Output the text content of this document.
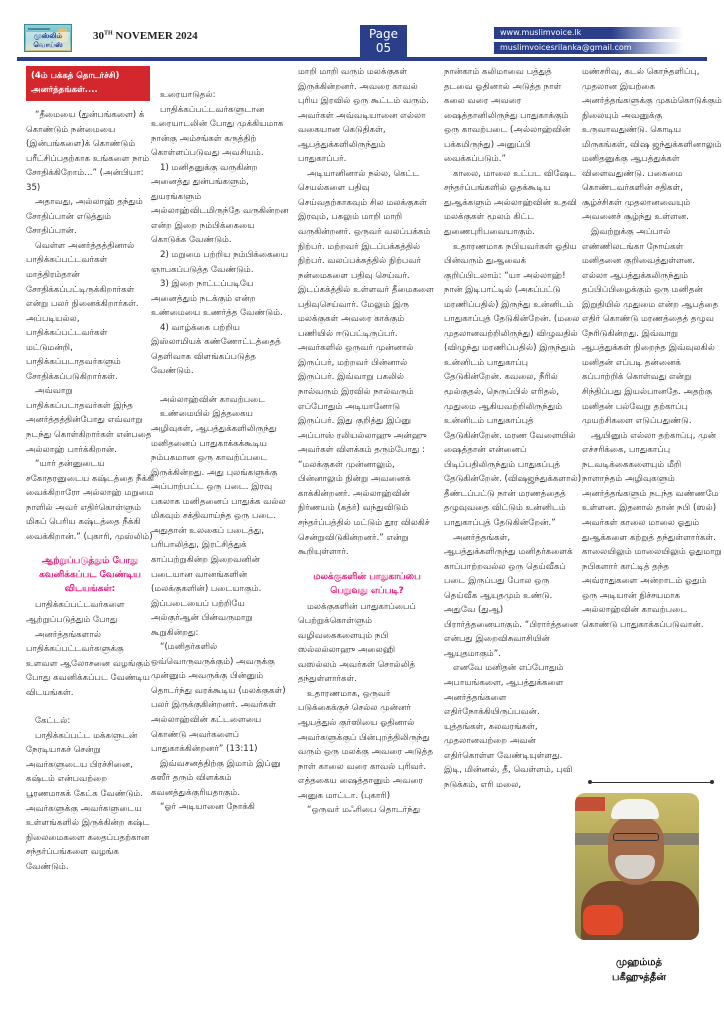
முஸ்லிம் வொய்ஸ்
30TH NOVEMER 2024	Page
05
www.muslimvoice.lk
muslimvoicesrilanka@gmail.com
(4ம் பக்கத் தொடர்ச்சி) அனர்த்தங்கள்....

“தீமையை (துன்பங்களை) க் கொண்டும் நன்மையை (இன்பங்களை)க் கொண்டும் பரீட்சிப்பதற்காக உங்களை நாம் சோதிக்கிறோம்...” (அன்பியா: 35)

அதாவது, அல்லாஹ் தந்தும் சோதிப்பான் எடுத்தும் சோதிப்பான்.

வெள்ள அனர்த்தத்தினால் பாதிக்கப்பட்டவர்கள் மாத்திரம்தான் சோதிக்கப்பட்டிருக்கிறார்கள் என்று பலர் நினைக்கிறார்கள். அப்படியல்ல, பாதிக்கப்பட்டவர்கள் மட்டுமன்றி, பாதிக்கப்படாதவர்களும் சோதிக்கப்படுகிறார்கள்.

அவ்வாறு பாதிக்கப்படாதவர்கள் இந்த அனர்த்தத்தின்போது எவ்வாறு நடந்து கொள்கிறார்கள் என்பதை அல்லாஹ் பார்க்கிறான்.

“யார் தன்னுடைய சகோதரனுடைய கஷ்டத்தை நீக்கி வைக்கிறாரோ அல்லாஹ் மறுமை நாளில் அவர் எதிர்கொள்ளும் மிகப் பெரிய கஷ்டத்தை நீக்கி வைக்கிறான்.” (புகாரி, முஸ்லிம்)

ஆற்றுப்படுத்தும் போது கவனிக்கப்பட வேண்டிய விடயங்கள்:

பாதிக்கப்பட்டவர்களை ஆற்றுப்படுத்தும் போது

அனர்த்தங்களால் பாதிக்கப்பட்டவர்களுக்கு உளவள ஆலோசனை வழங்கும் போது கவனிக்கப்பட வேண்டிய விடயங்கள்.

கேட்டல்:

பாதிக்கப்பட்ட மக்களுடன் நேரடியாகச் சென்று அவர்களுடைய பிரச்சினை, கஷ்டம் என்பவற்றை பூரணமாகக் கேட்க வேண்டும். அவர்களுக்கு அவர்களுடைய உள்ளங்களில் இருக்கின்ற கஷ்ட நிலைமைகளை கதைப்பதற்கான சந்தர்ப்பங்களை வழங்க வேண்டும்.

உரையாடுதல்:

பாதிக்கப்பட்டவர்களுடான உரையாடலின் போது முக்கியமாக நான்கு அம்சங்கள் கருத்திற் கொள்ளப்படுவது அவசியம்.

1) மனிதனுக்கு வருகின்ற அனைத்து துன்பங்களும், துயரங்களும் அல்லாஹ்விடமிருந்தே வருகின்றன என்ற இறை நம்பிக்கையை கொடுக்க வேண்டும்.

2) மறுமை பற்றிய நம்பிக்கையை ஞாபகப்படுத்த வேண்டும்.

3) இறை நாட்டப்படியே அனைத்தும் நடக்கும் என்ற உண்மையை உணர்த்த வேண்டும்.

4) வாழ்க்கை பற்றிய இஸ்லாமியக் கண்ணோட்டத்தைத் தெளிவாக விளங்கப்படுத்த வேண்டும்.

அல்லாஹ்வின் காவற்படை

உண்மையில் இத்தகைய அழிவுகள், ஆபத்துக்களிலிருந்து மனிதனைப் பாதுகாக்கக்கூடிய நம்பகமான ஒரு காவற்ப்படை இருக்கின்றது. அது புலங்களுக்கு அப்பாற்பட்ட ஒரு படை. இரவு பகலாக மனிதனைப் பாதுக்க வல்ல மிகவும் சக்திவாய்ந்த ஒரு படை. அதுதான் உலகைப் படைத்து, பரிபாலித்து, இரட்சித்துக் காப்பற்றுகின்ற இறைவனின் படையான வானங்களின் (மலக்குகளின்) படையாகும். இப்படையைப் பற்றியே அல்குர்ஆன் பின்வருமாறு கூறுகின்றது:

“(மனிதர்களில் ஒவ்வொருவருக்கும்) அவருக்கு முன்னும் அவருக்கு பின்னும் தொடர்ந்து வரக்கூடிய (மலக்குகள்) பலர் இருக்குகின்றனர். அவர்கள் அல்லாஹ்வின் கட்டளையை கொண்டு அவர்களைப் பாதுகாக்கின்றனர்” (13:11)

இவ்வசனத்திற்கு இமாம் இப்னு கஸீர் தரும் விளக்கம் கவனத்துக்குரியதாகும்.

“ஓர் அடியானை நோக்கி

மாறி மாறி வரும் மலக்குகள் இருக்கின்றனர். அவரை காவல் புரிய இரவில் ஒரு கூட்டம் வரும். அவர்கள் அவ்வடியானை எல்லா வகையான கெடுதிகள், ஆபத்துக்களிலிருந்தும் பாதுகாப்பர்.

அடியானினால் நல்ல, கெட்ட செயல்களை பதிவு செய்வதற்காகவும் சில மலக்குகள் இரவும், பகலும் மாறி மாறி வருகின்றனர். ஒருவர் வலப்பக்கம் நிற்பர். மற்றவர் இடப்பக்கத்தில் நிற்பர். வலப்பக்கத்தில் நிற்பவர் நன்மைகளை பதிவு செய்வர். இடப்கக்த்தில் உள்ளவர் தீமைகளை பதிவுசெய்வார். மேலும் இரு மலக்குகள் அவரை காக்கும் பணியில் ஈடுபட்டிருப்பர். அவர்களில் ஒருவர் முன்னால் இருப்பர், மற்றவர் பின்னால் இருப்பர். இவ்வாறு பகலில் நால்வரும் இரவில் நால்வரும் எப்போதும் அடியானோடு இருப்பர். இது குறித்து இப்னு அப்பாஸ் ரலியல்லாஹு அன்ஹு அவர்கள் விளக்கம் தரும்போது : “மலக்குகள் முன்னாலும், பின்னாலும் நின்று அவனைக் காக்கின்றனர். அல்லாஹ்வின் நிர்ணயம் (கத்ர்) வந்துவிடும் சந்தர்ப்பத்தில் மட்டும் தூர விலகிச் சென்றுவிடுகின்றனர்.” என்று கூறியுள்ளார்.

மலக்குகளின் பாதுகாப்பை பெறுவது எப்படி?

மலக்குகளின் பாதுகாப்பைப் பெற்றுக்கொள்ளும் வழிவகைகளையும் நபி ஸல்லல்லாஹு அலைஹி வஸல்லம் அவர்கள் சொல்லித் தந்துள்ளார்கள்.

உதாரணமாக, ஒருவர் படுக்கைக்குச் செல்ல முன்னர் ஆயத்துல் குர்ஸியை ஓதினால் அவர்களுக்குப் பின்புறத்திலிருந்து வரும் ஒரு மலக்கு அவரை அடுத்த நாள் காலை வரை காவல் புரிவர். எத்தகைய ஷைத்தானும் அவரை அனுக மாட்டா. (புகாரி)

“ஒருவர் மஃரிபை தொடர்ந்து

நான்காம் கலிமாவை பத்துத் தடவை ஓதினால் அடுத்த நாள் கலை வரை அவரை ஷைத்தானிலிருந்து பாதுகாக்கும் ஒரு காவற்படை (அல்லாஹ்வின் பக்கமிருந்து) அனுப்பி வைக்கப்படும்.”

காலை, மாலை உட்பட விஷேட சந்தர்ப்பங்களில் ஓதக்கூடிய துஆக்களும் அல்லாஹ்வின் உதவி மலக்குகள் மூலம் கிட்ட துணைபுரிபவையாகும்.

உதாரணமாக நபியவர்கள் ஓதிய பின்வரும் துஆவைக் குறிப்பிடலாம்: “யா அல்லாஹ்! நான் இடிபாட்டில் (அகப்பட்டு மரணிப்பதில்) இருந்து உன்னிடம் பாதுகாப்புத் தேடுகின்றேன். (மலை முதலானவற்றிலிருந்து) விழுவதில் (விழுந்து மரணிப்பதில்) இருந்தும் உன்னிடம் பாதுகாப்பு தேடுகின்றேன். கவலை, நீரில் மூல்குதல், நெருப்பில் எரிதல், முதுமை ஆகியவற்றிலிருந்தும் உன்னிடம் பாதுகாப்புத் தேடுகின்றேன். மரண வேளையில் ஷைத்தான் என்னைப் பிடிப்பதிலிருந்தும் பாதுகப்புத் தேடுகின்றேன். (விஷஜந்துக்களால்) தீண்டப்பட்டு நான் மரணத்தைத் தழுவுவதை விட்டும் உன்னிடம் பாதுகாப்புத் தேடுகின்றேன்.”

அனர்த்தங்கள், ஆபத்துக்களிருந்து மனிதர்களைக் காப்பாற்றவல்ல ஒரு தெய்வீகப் படை இருப்பது போல ஒரு தெய்வீக ஆயுதமும் உண்டு. அதுவே (துஆ) பிரார்த்தனையாகும். “பிரார்த்தனை என்பது இறைவிசுவாசியின் ஆயுதமாகும்”.

எனவே மனிதன் எப்போதும் அபாயங்களை, ஆபத்துக்களை அனர்த்தங்களை எதிர்நோக்கியிருப்பவன். யுத்தங்கள், கலவரங்கள், முதலானவற்றை அவன் எதிர்கொள்ள வேண்டியுள்ளது. இடி, மின்னல், தீ, வெள்ளம், புவி நடுக்கம், எரி மலை,

மண்சரிவு, கடல் கொந்தளிப்பு, முதலான இயற்கை அனர்த்தங்களுக்கு முகம்கொடுக்கும் நிலையும் அவனுக்கு உருவாவதுண்டு. கொடிய மிருகங்கள், விஷ ஜந்துக்களினாலும் மனிதனுக்கு ஆபத்துக்கள் விளைவதுண்டு. பகைமை கொண்டவர்களின் சதிகள், சூழ்ச்சிகள் முதலானவையும் அவனைச் சூழ்ந்து உள்ளன.

இவற்றுக்கு அப்பால் எண்ணிலடங்கா நோய்கள் மனிதனை குறிவைத்துள்ளன. எல்லா ஆபத்துக்கலிருந்தும் தப்பிப்பிழைக்கும் ஒரு மனிதன் இறுதியில் முதுமை என்ற ஆபத்தை எதிர் கொண்டு மரணத்தைத் தழுவ நேரிடுகின்றது. இவ்வாறு ஆபத்துக்கள் நிறைந்த இவ்வுலகில் மனிதன் எப்படி தன்னைக் கப்பாற்றிக் கொள்வது என்று சிந்திப்பது இயல்பானதே. அதற்கு மனிதன் பல்வேறு தற்காப்பு முயற்சிகளை எடுப்பதுண்டு.

ஆயினும் எல்லா தற்காப்பு, முன் எச்சரிக்கை, பாதுகாப்பு நடவடிக்கைகளையும் மீறி நாளாந்தம் அழிவுகளும் அனர்த்தங்களும் நடந்த வண்ணமே உள்ளன. இதனால் தான் நபி (ஸல்) அவர்கள் காலை மாலை ஓதும் துஆக்களை கற்றுத் தந்துள்ளார்கள். காலையிலும் மாலையிலும் ஓதுமாறு நபிகளார் காட்டித் தந்த அவ்ராதுகளை அன்றாடம் ஓதும் ஒரு அடியான் நிச்சயமாக அல்லாஹ்வின் காவற்படை கொண்டு பாதுகாக்கப்படுவான்.

முஹம்மத்
பகீஹுத்தீன்
